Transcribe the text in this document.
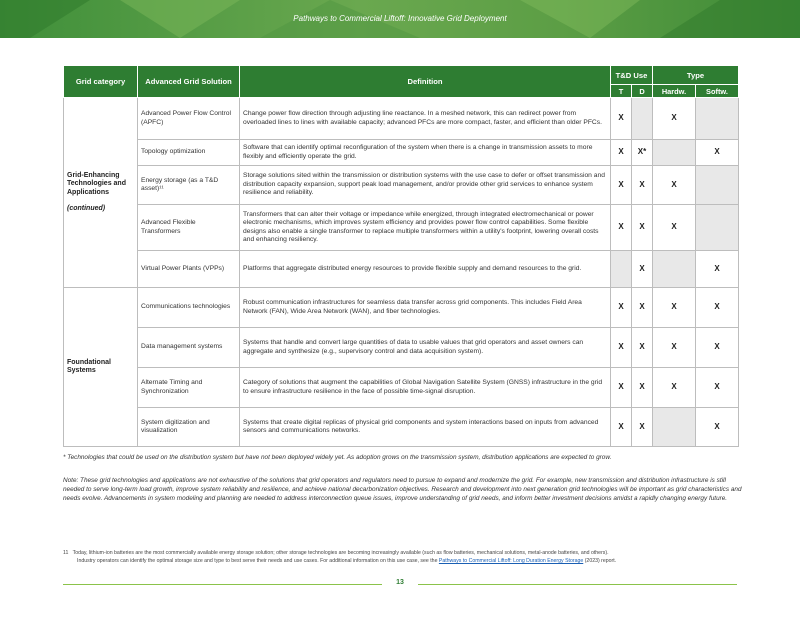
Pathways to Commercial Liftoff: Innovative Grid Deployment
Grid category	Advanced Grid Solution	Definition	T&D Use		Type	
			T	D	Hardw.	Softw.

Grid-Enhancing Technologies and Applications
(continued)	Advanced Power Flow Control (APFC)	Change power flow direction through adjusting line reactance. In a meshed network, this can redirect power from overloaded lines to lines with available capacity; advanced PFCs are more compact, faster, and efficient than older PFCs.	X		X	
	Topology optimization	Software that can identify optimal reconfiguration of the system when there is a change in transmission assets to more flexibly and efficiently operate the grid.	X	X*		X
	Energy storage (as a T&D asset)¹¹	Storage solutions sited within the transmission or distribution systems with the use case to defer or offset transmission and distribution capacity expansion, support peak load management, and/or provide other grid services to enhance system resilience and reliability.	X	X	X	
	Advanced Flexible Transformers	Transformers that can alter their voltage or impedance while energized, through integrated electromechanical or power electronic mechanisms, which improves system efficiency and provides power flow control capabilities. Some flexible designs also enable a single transformer to replace multiple transformers within a utility's footprint, lowering overall costs and enhancing resiliency.	X	X	X	
	Virtual Power Plants (VPPs)	Platforms that aggregate distributed energy resources to provide flexible supply and demand resources to the grid.		X		X

Foundational Systems	Communications technologies	Robust communication infrastructures for seamless data transfer across grid components. This includes Field Area Network (FAN), Wide Area Network (WAN), and fiber technologies.	X	X	X	X
	Data management systems	Systems that handle and convert large quantities of data to usable values that grid operators and asset owners can aggregate and synthesize (e.g., supervisory control and data acquisition system).	X	X	X	X
	Alternate Timing and Synchronization	Category of solutions that augment the capabilities of Global Navigation Satellite System (GNSS) infrastructure in the grid to ensure infrastructure resilience in the face of possible time-signal disruption.	X	X	X	X
	System digitization and visualization	Systems that create digital replicas of physical grid components and system interactions based on inputs from advanced sensors and communications networks.	X	X		X
* Technologies that could be used on the distribution system but have not been deployed widely yet. As adoption grows on the transmission system, distribution applications are expected to grow.
Note: These grid technologies and applications are not exhaustive of the solutions that grid operators and regulators need to pursue to expand and modernize the grid. For example, new transmission and distribution infrastructure is still needed to serve long-term load growth, improve system reliability and resilience, and achieve national decarbonization objectives. Research and development into next generation grid technologies will be important as grid characteristics and needs evolve. Advancements in system modeling and planning are needed to address interconnection queue issues, improve understanding of grid needs, and inform better investment decisions amidst a rapidly changing energy future.
11 Today, lithium-ion batteries are the most commercially available energy storage solution; other storage technologies are becoming increasingly available (such as flow batteries, mechanical solutions, metal-anode batteries, and others).
Industry operators can identify the optimal storage size and type to best serve their needs and use cases. For additional information on this use case, see the Pathways to Commercial Liftoff: Long Duration Energy Storage (2023) report.
13
